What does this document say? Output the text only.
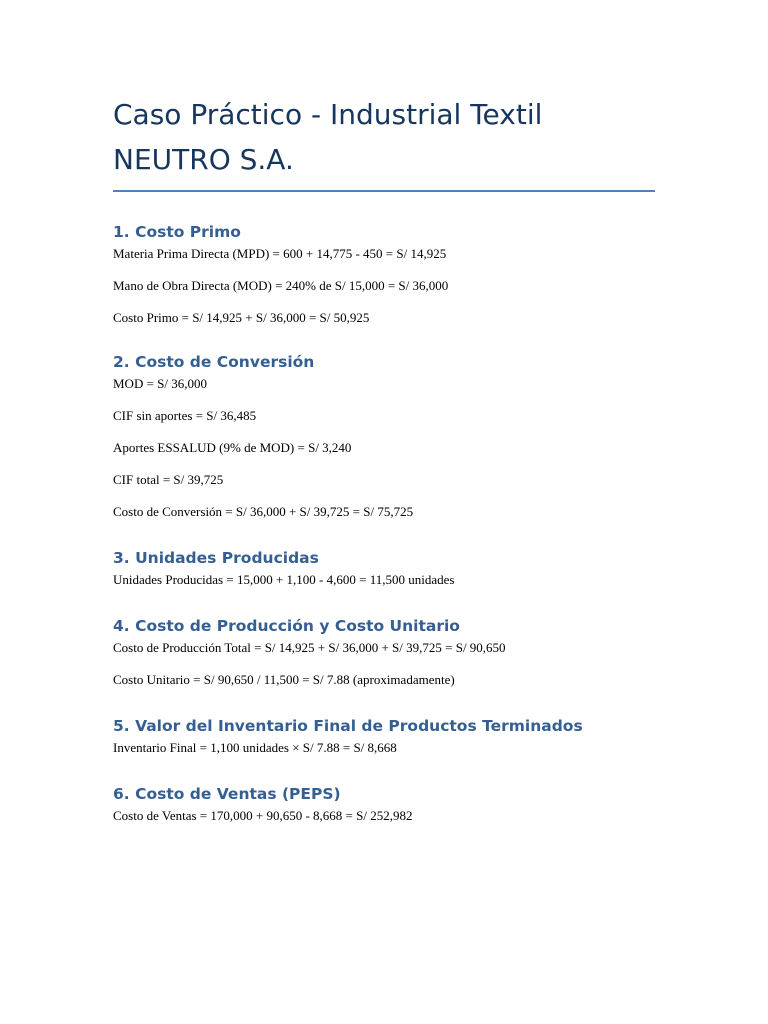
Caso Práctico - Industrial Textil NEUTRO S.A.
1. Costo Primo

Materia Prima Directa (MPD) = 600 + 14,775 - 450 = S/ 14,925

Mano de Obra Directa (MOD) = 240% de S/ 15,000 = S/ 36,000

Costo Primo = S/ 14,925 + S/ 36,000 = S/ 50,925

2. Costo de Conversión

MOD = S/ 36,000

CIF sin aportes = S/ 36,485

Aportes ESSALUD (9% de MOD) = S/ 3,240

CIF total = S/ 39,725

Costo de Conversión = S/ 36,000 + S/ 39,725 = S/ 75,725

3. Unidades Producidas

Unidades Producidas = 15,000 + 1,100 - 4,600 = 11,500 unidades

4. Costo de Producción y Costo Unitario

Costo de Producción Total = S/ 14,925 + S/ 36,000 + S/ 39,725 = S/ 90,650

Costo Unitario = S/ 90,650 / 11,500 = S/ 7.88 (aproximadamente)

5. Valor del Inventario Final de Productos Terminados

Inventario Final = 1,100 unidades × S/ 7.88 = S/ 8,668

6. Costo de Ventas (PEPS)

Costo de Ventas = 170,000 + 90,650 - 8,668 = S/ 252,982
